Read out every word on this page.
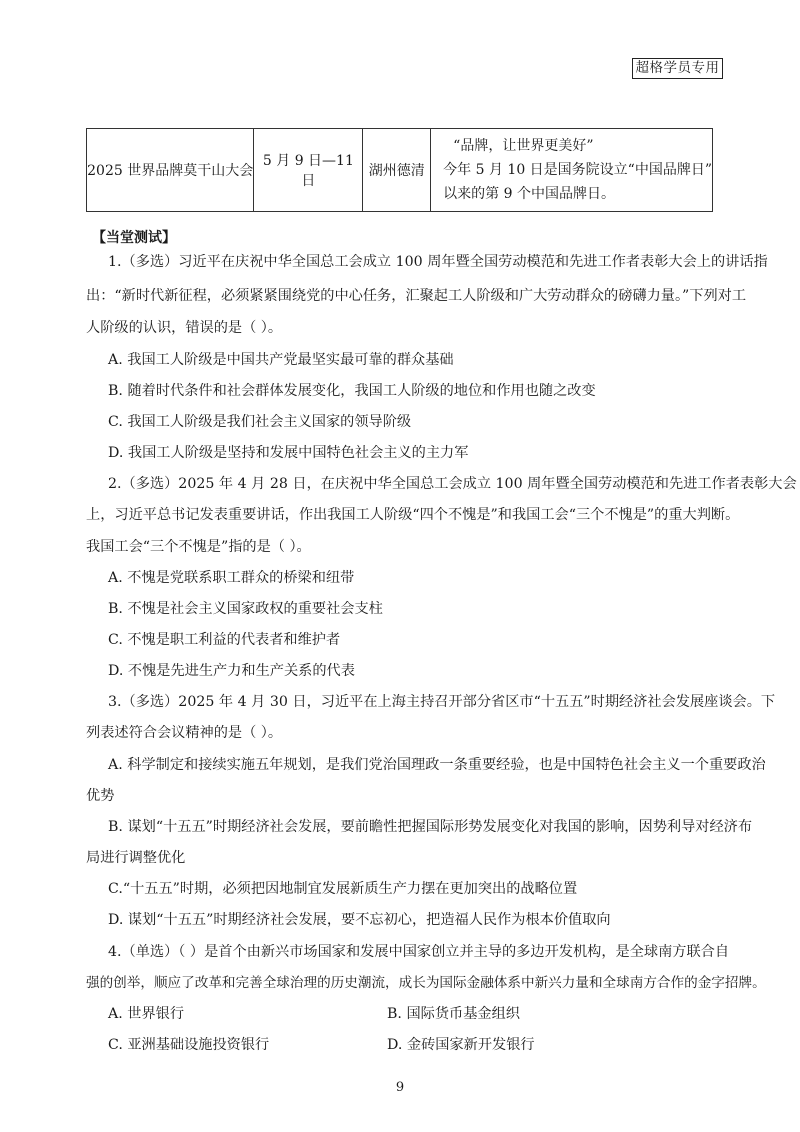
超格学员专用
2025 世界品牌莫干山大会	5 月 9 日—11 日	湖州德清	
“品牌，让世界更美好”
今年 5 月 10 日是国务院设立“中国品牌日”
以来的第 9 个中国品牌日。
【当堂测试】
1.（多选）习近平在庆祝中华全国总工会成立 100 周年暨全国劳动模范和先进工作者表彰大会上的讲话指
出：“新时代新征程，必须紧紧围绕党的中心任务，汇聚起工人阶级和广大劳动群众的磅礴力量。”下列对工
人阶级的认识，错误的是（ ）。
A. 我国工人阶级是中国共产党最坚实最可靠的群众基础
B. 随着时代条件和社会群体发展变化，我国工人阶级的地位和作用也随之改变
C. 我国工人阶级是我们社会主义国家的领导阶级
D. 我国工人阶级是坚持和发展中国特色社会主义的主力军
2.（多选）2025 年 4 月 28 日，在庆祝中华全国总工会成立 100 周年暨全国劳动模范和先进工作者表彰大会
上，习近平总书记发表重要讲话，作出我国工人阶级“四个不愧是”和我国工会“三个不愧是”的重大判断。
我国工会“三个不愧是”指的是（ ）。
A. 不愧是党联系职工群众的桥梁和纽带
B. 不愧是社会主义国家政权的重要社会支柱
C. 不愧是职工利益的代表者和维护者
D. 不愧是先进生产力和生产关系的代表
3.（多选）2025 年 4 月 30 日，习近平在上海主持召开部分省区市“十五五”时期经济社会发展座谈会。下
列表述符合会议精神的是（ ）。
A. 科学制定和接续实施五年规划，是我们党治国理政一条重要经验，也是中国特色社会主义一个重要政治
优势
B. 谋划“十五五”时期经济社会发展，要前瞻性把握国际形势发展变化对我国的影响，因势利导对经济布
局进行调整优化
C.“十五五”时期，必须把因地制宜发展新质生产力摆在更加突出的战略位置
D. 谋划“十五五”时期经济社会发展，要不忘初心，把造福人民作为根本价值取向
4.（单选）（ ）是首个由新兴市场国家和发展中国家创立并主导的多边开发机构，是全球南方联合自
强的创举，顺应了改革和完善全球治理的历史潮流，成长为国际金融体系中新兴力量和全球南方合作的金字招牌。
A. 世界银行	B. 国际货币基金组织
C. 亚洲基础设施投资银行	D. 金砖国家新开发银行
9
